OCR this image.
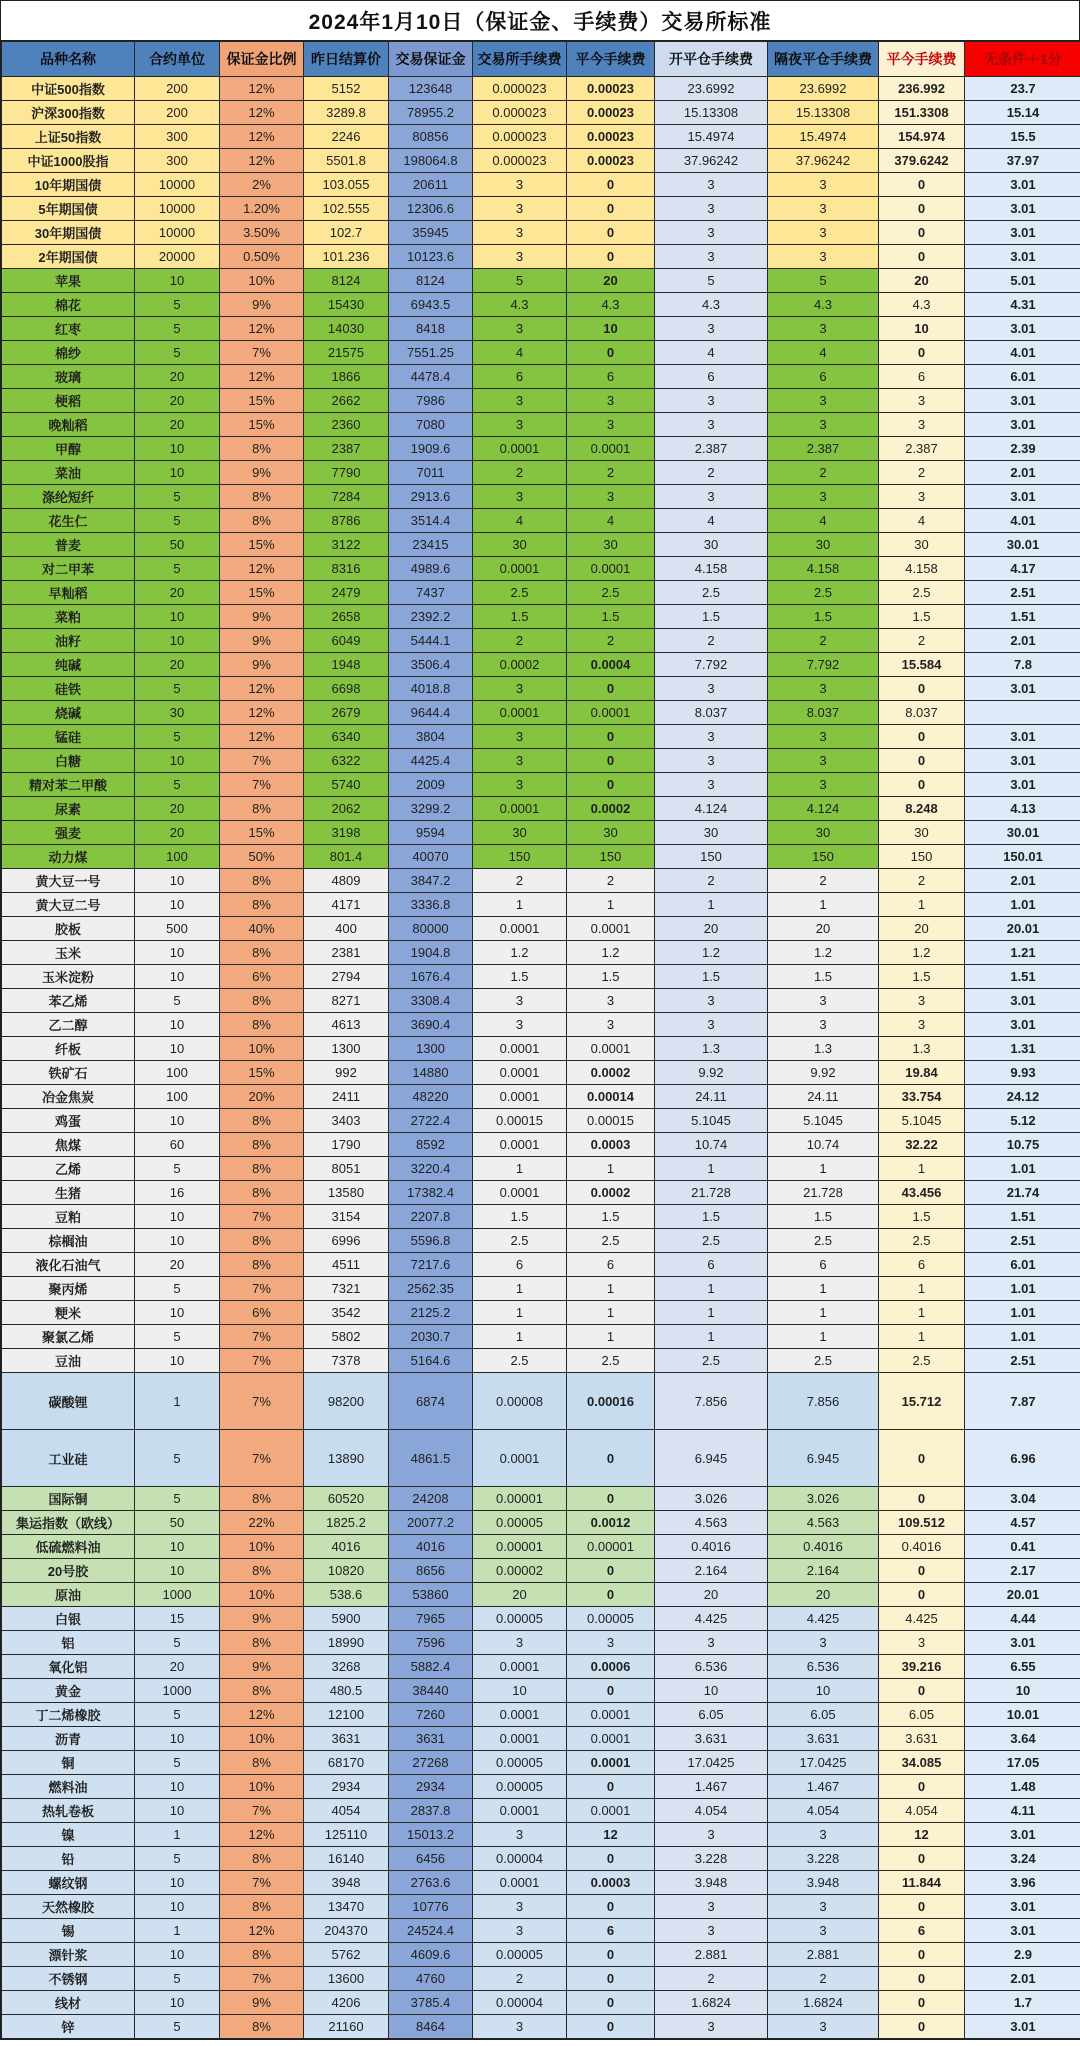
2024年1月10日（保证金、手续费）交易所标准
品种名称	合约单位	保证金比例	昨日结算价	交易保证金	交易所手续费	平今手续费	开平仓手续费	隔夜平仓手续费	平今手续费	无条件＋1分
中证500指数	200	12%	5152	123648	0.000023	0.00023	23.6992	23.6992	236.992	23.7
沪深300指数	200	12%	3289.8	78955.2	0.000023	0.00023	15.13308	15.13308	151.3308	15.14
上证50指数	300	12%	2246	80856	0.000023	0.00023	15.4974	15.4974	154.974	15.5
中证1000股指	300	12%	5501.8	198064.8	0.000023	0.00023	37.96242	37.96242	379.6242	37.97
10年期国债	10000	2%	103.055	20611	3	0	3	3	0	3.01
5年期国债	10000	1.20%	102.555	12306.6	3	0	3	3	0	3.01
30年期国债	10000	3.50%	102.7	35945	3	0	3	3	0	3.01
2年期国债	20000	0.50%	101.236	10123.6	3	0	3	3	0	3.01
苹果	10	10%	8124	8124	5	20	5	5	20	5.01
棉花	5	9%	15430	6943.5	4.3	4.3	4.3	4.3	4.3	4.31
红枣	5	12%	14030	8418	3	10	3	3	10	3.01
棉纱	5	7%	21575	7551.25	4	0	4	4	0	4.01
玻璃	20	12%	1866	4478.4	6	6	6	6	6	6.01
梗稻	20	15%	2662	7986	3	3	3	3	3	3.01
晚籼稻	20	15%	2360	7080	3	3	3	3	3	3.01
甲醇	10	8%	2387	1909.6	0.0001	0.0001	2.387	2.387	2.387	2.39
菜油	10	9%	7790	7011	2	2	2	2	2	2.01
涤纶短纤	5	8%	7284	2913.6	3	3	3	3	3	3.01
花生仁	5	8%	8786	3514.4	4	4	4	4	4	4.01
普麦	50	15%	3122	23415	30	30	30	30	30	30.01
对二甲苯	5	12%	8316	4989.6	0.0001	0.0001	4.158	4.158	4.158	4.17
早籼稻	20	15%	2479	7437	2.5	2.5	2.5	2.5	2.5	2.51
菜粕	10	9%	2658	2392.2	1.5	1.5	1.5	1.5	1.5	1.51
油籽	10	9%	6049	5444.1	2	2	2	2	2	2.01
纯碱	20	9%	1948	3506.4	0.0002	0.0004	7.792	7.792	15.584	7.8
硅铁	5	12%	6698	4018.8	3	0	3	3	0	3.01
烧碱	30	12%	2679	9644.4	0.0001	0.0001	8.037	8.037	8.037	
锰硅	5	12%	6340	3804	3	0	3	3	0	3.01
白糖	10	7%	6322	4425.4	3	0	3	3	0	3.01
精对苯二甲酸	5	7%	5740	2009	3	0	3	3	0	3.01
尿素	20	8%	2062	3299.2	0.0001	0.0002	4.124	4.124	8.248	4.13
强麦	20	15%	3198	9594	30	30	30	30	30	30.01
动力煤	100	50%	801.4	40070	150	150	150	150	150	150.01
黄大豆一号	10	8%	4809	3847.2	2	2	2	2	2	2.01
黄大豆二号	10	8%	4171	3336.8	1	1	1	1	1	1.01
胶板	500	40%	400	80000	0.0001	0.0001	20	20	20	20.01
玉米	10	8%	2381	1904.8	1.2	1.2	1.2	1.2	1.2	1.21
玉米淀粉	10	6%	2794	1676.4	1.5	1.5	1.5	1.5	1.5	1.51
苯乙烯	5	8%	8271	3308.4	3	3	3	3	3	3.01
乙二醇	10	8%	4613	3690.4	3	3	3	3	3	3.01
纤板	10	10%	1300	1300	0.0001	0.0001	1.3	1.3	1.3	1.31
铁矿石	100	15%	992	14880	0.0001	0.0002	9.92	9.92	19.84	9.93
冶金焦炭	100	20%	2411	48220	0.0001	0.00014	24.11	24.11	33.754	24.12
鸡蛋	10	8%	3403	2722.4	0.00015	0.00015	5.1045	5.1045	5.1045	5.12
焦煤	60	8%	1790	8592	0.0001	0.0003	10.74	10.74	32.22	10.75
乙烯	5	8%	8051	3220.4	1	1	1	1	1	1.01
生猪	16	8%	13580	17382.4	0.0001	0.0002	21.728	21.728	43.456	21.74
豆粕	10	7%	3154	2207.8	1.5	1.5	1.5	1.5	1.5	1.51
棕榈油	10	8%	6996	5596.8	2.5	2.5	2.5	2.5	2.5	2.51
液化石油气	20	8%	4511	7217.6	6	6	6	6	6	6.01
聚丙烯	5	7%	7321	2562.35	1	1	1	1	1	1.01
粳米	10	6%	3542	2125.2	1	1	1	1	1	1.01
聚氯乙烯	5	7%	5802	2030.7	1	1	1	1	1	1.01
豆油	10	7%	7378	5164.6	2.5	2.5	2.5	2.5	2.5	2.51
碳酸锂	1	7%	98200	6874	0.00008	0.00016	7.856	7.856	15.712	7.87
工业硅	5	7%	13890	4861.5	0.0001	0	6.945	6.945	0	6.96
国际铜	5	8%	60520	24208	0.00001	0	3.026	3.026	0	3.04
集运指数（欧线）	50	22%	1825.2	20077.2	0.00005	0.0012	4.563	4.563	109.512	4.57
低硫燃料油	10	10%	4016	4016	0.00001	0.00001	0.4016	0.4016	0.4016	0.41
20号胶	10	8%	10820	8656	0.00002	0	2.164	2.164	0	2.17
原油	1000	10%	538.6	53860	20	0	20	20	0	20.01
白银	15	9%	5900	7965	0.00005	0.00005	4.425	4.425	4.425	4.44
铝	5	8%	18990	7596	3	3	3	3	3	3.01
氧化铝	20	9%	3268	5882.4	0.0001	0.0006	6.536	6.536	39.216	6.55
黄金	1000	8%	480.5	38440	10	0	10	10	0	10
丁二烯橡胶	5	12%	12100	7260	0.0001	0.0001	6.05	6.05	6.05	10.01
沥青	10	10%	3631	3631	0.0001	0.0001	3.631	3.631	3.631	3.64
铜	5	8%	68170	27268	0.00005	0.0001	17.0425	17.0425	34.085	17.05
燃料油	10	10%	2934	2934	0.00005	0	1.467	1.467	0	1.48
热轧卷板	10	7%	4054	2837.8	0.0001	0.0001	4.054	4.054	4.054	4.11
镍	1	12%	125110	15013.2	3	12	3	3	12	3.01
铅	5	8%	16140	6456	0.00004	0	3.228	3.228	0	3.24
螺纹钢	10	7%	3948	2763.6	0.0001	0.0003	3.948	3.948	11.844	3.96
天然橡胶	10	8%	13470	10776	3	0	3	3	0	3.01
锡	1	12%	204370	24524.4	3	6	3	3	6	3.01
漂针浆	10	8%	5762	4609.6	0.00005	0	2.881	2.881	0	2.9
不锈钢	5	7%	13600	4760	2	0	2	2	0	2.01
线材	10	9%	4206	3785.4	0.00004	0	1.6824	1.6824	0	1.7
锌	5	8%	21160	8464	3	0	3	3	0	3.01
